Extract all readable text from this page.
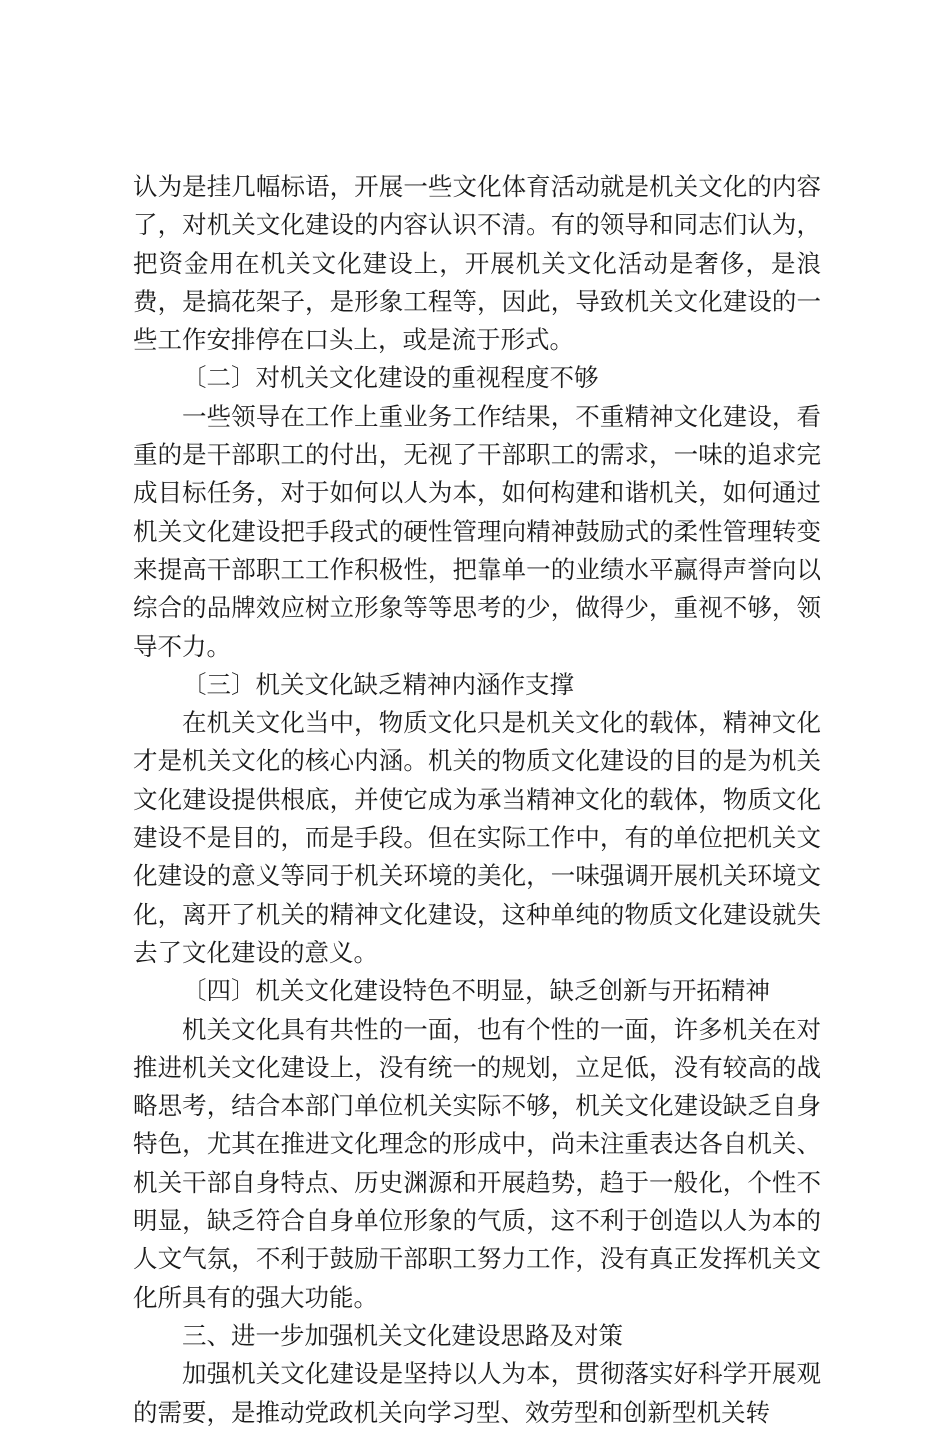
认为是挂几幅标语，开展一些文化体育活动就是机关文化的内容了，对机关文化建设的内容认识不清。有的领导和同志们认为，把资金用在机关文化建设上，开展机关文化活动是奢侈，是浪费，是搞花架子，是形象工程等，因此，导致机关文化建设的一些工作安排停在口头上，或是流于形式。

〔二〕对机关文化建设的重视程度不够

一些领导在工作上重业务工作结果，不重精神文化建设，看重的是干部职工的付出，无视了干部职工的需求，一味的追求完成目标任务，对于如何以人为本，如何构建和谐机关，如何通过机关文化建设把手段式的硬性管理向精神鼓励式的柔性管理转变来提高干部职工工作积极性，把靠单一的业绩水平赢得声誉向以综合的品牌效应树立形象等等思考的少，做得少，重视不够，领导不力。

〔三〕机关文化缺乏精神内涵作支撑

在机关文化当中，物质文化只是机关文化的载体，精神文化才是机关文化的核心内涵。机关的物质文化建设的目的是为机关文化建设提供根底，并使它成为承当精神文化的载体，物质文化建设不是目的，而是手段。但在实际工作中，有的单位把机关文化建设的意义等同于机关环境的美化，一味强调开展机关环境文化，离开了机关的精神文化建设，这种单纯的物质文化建设就失去了文化建设的意义。

〔四〕机关文化建设特色不明显，缺乏创新与开拓精神

机关文化具有共性的一面，也有个性的一面，许多机关在对推进机关文化建设上，没有统一的规划，立足低，没有较高的战略思考，结合本部门单位机关实际不够，机关文化建设缺乏自身特色，尤其在推进文化理念的形成中，尚未注重表达各自机关、机关干部自身特点、历史渊源和开展趋势，趋于一般化，个性不明显，缺乏符合自身单位形象的气质，这不利于创造以人为本的人文气氛，不利于鼓励干部职工努力工作，没有真正发挥机关文化所具有的强大功能。

三、进一步加强机关文化建设思路及对策

加强机关文化建设是坚持以人为本，贯彻落实好科学开展观的需要，是推动党政机关向学习型、效劳型和创新型机关转
